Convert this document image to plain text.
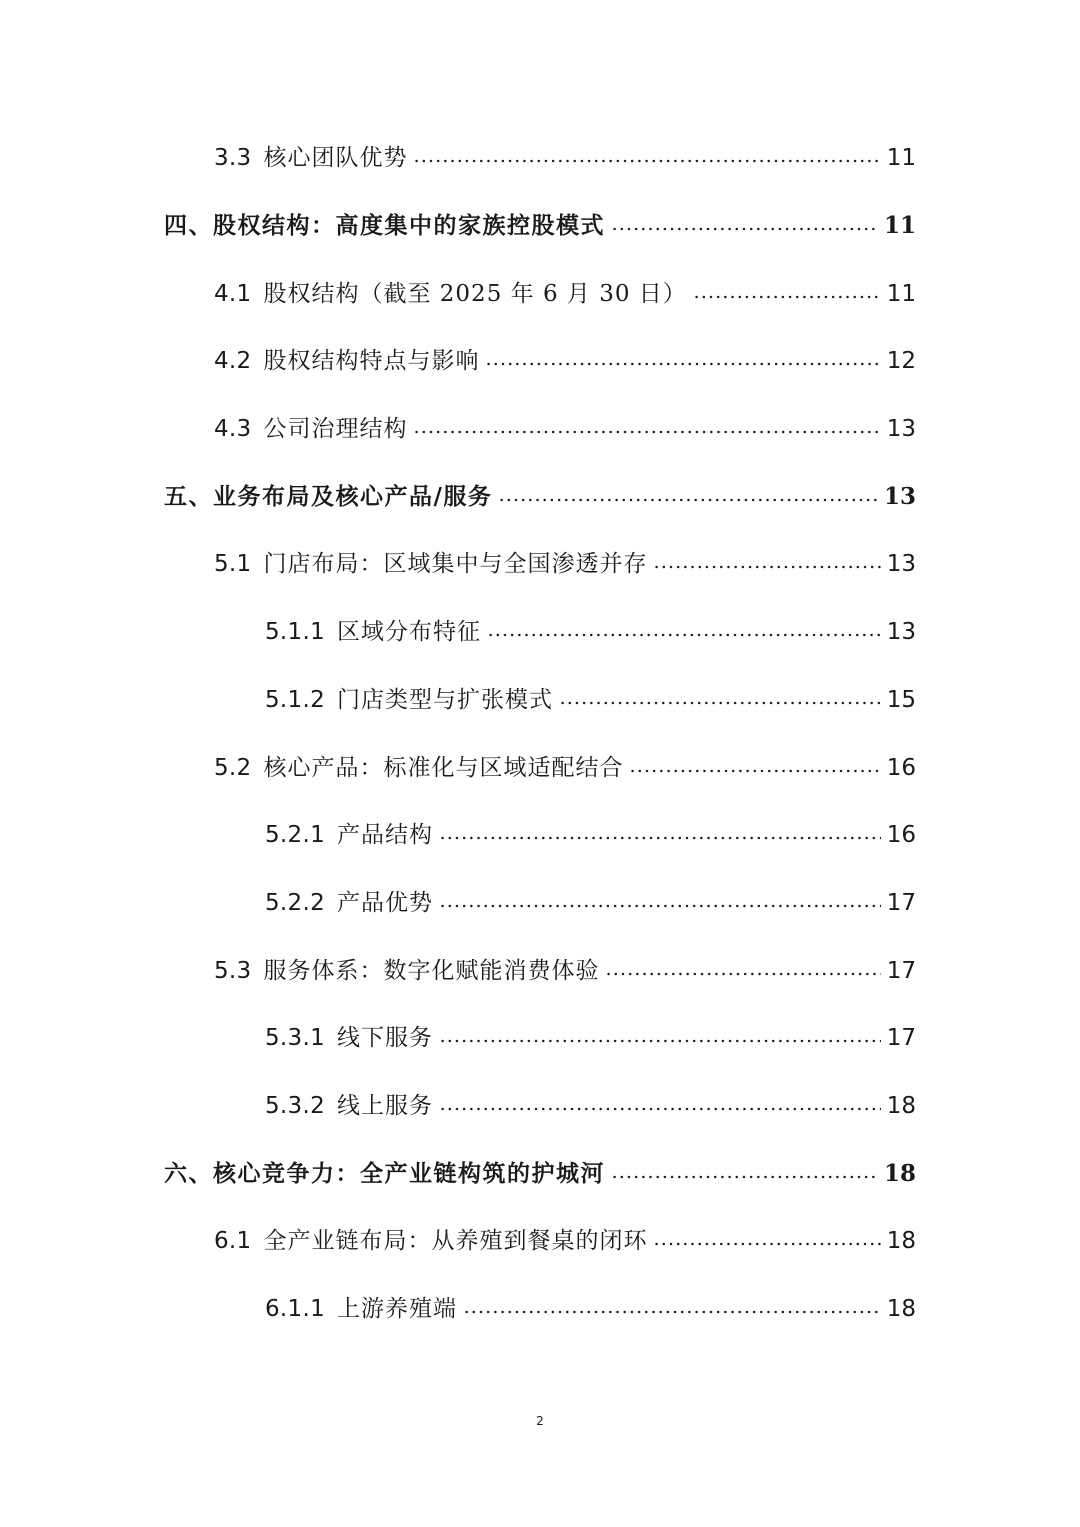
3.3 核心团队优势	11
四、股权结构：高度集中的家族控股模式	11
4.1 股权结构（截至 2025 年 6 月 30 日）	11
4.2 股权结构特点与影响	12
4.3 公司治理结构	13
五、业务布局及核心产品/服务	13
5.1 门店布局：区域集中与全国渗透并存	13
5.1.1 区域分布特征	13
5.1.2 门店类型与扩张模式	15
5.2 核心产品：标准化与区域适配结合	16
5.2.1 产品结构	16
5.2.2 产品优势	17
5.3 服务体系：数字化赋能消费体验	17
5.3.1 线下服务	17
5.3.2 线上服务	18
六、核心竞争力：全产业链构筑的护城河	18
6.1 全产业链布局：从养殖到餐桌的闭环	18
6.1.1 上游养殖端	18
2
